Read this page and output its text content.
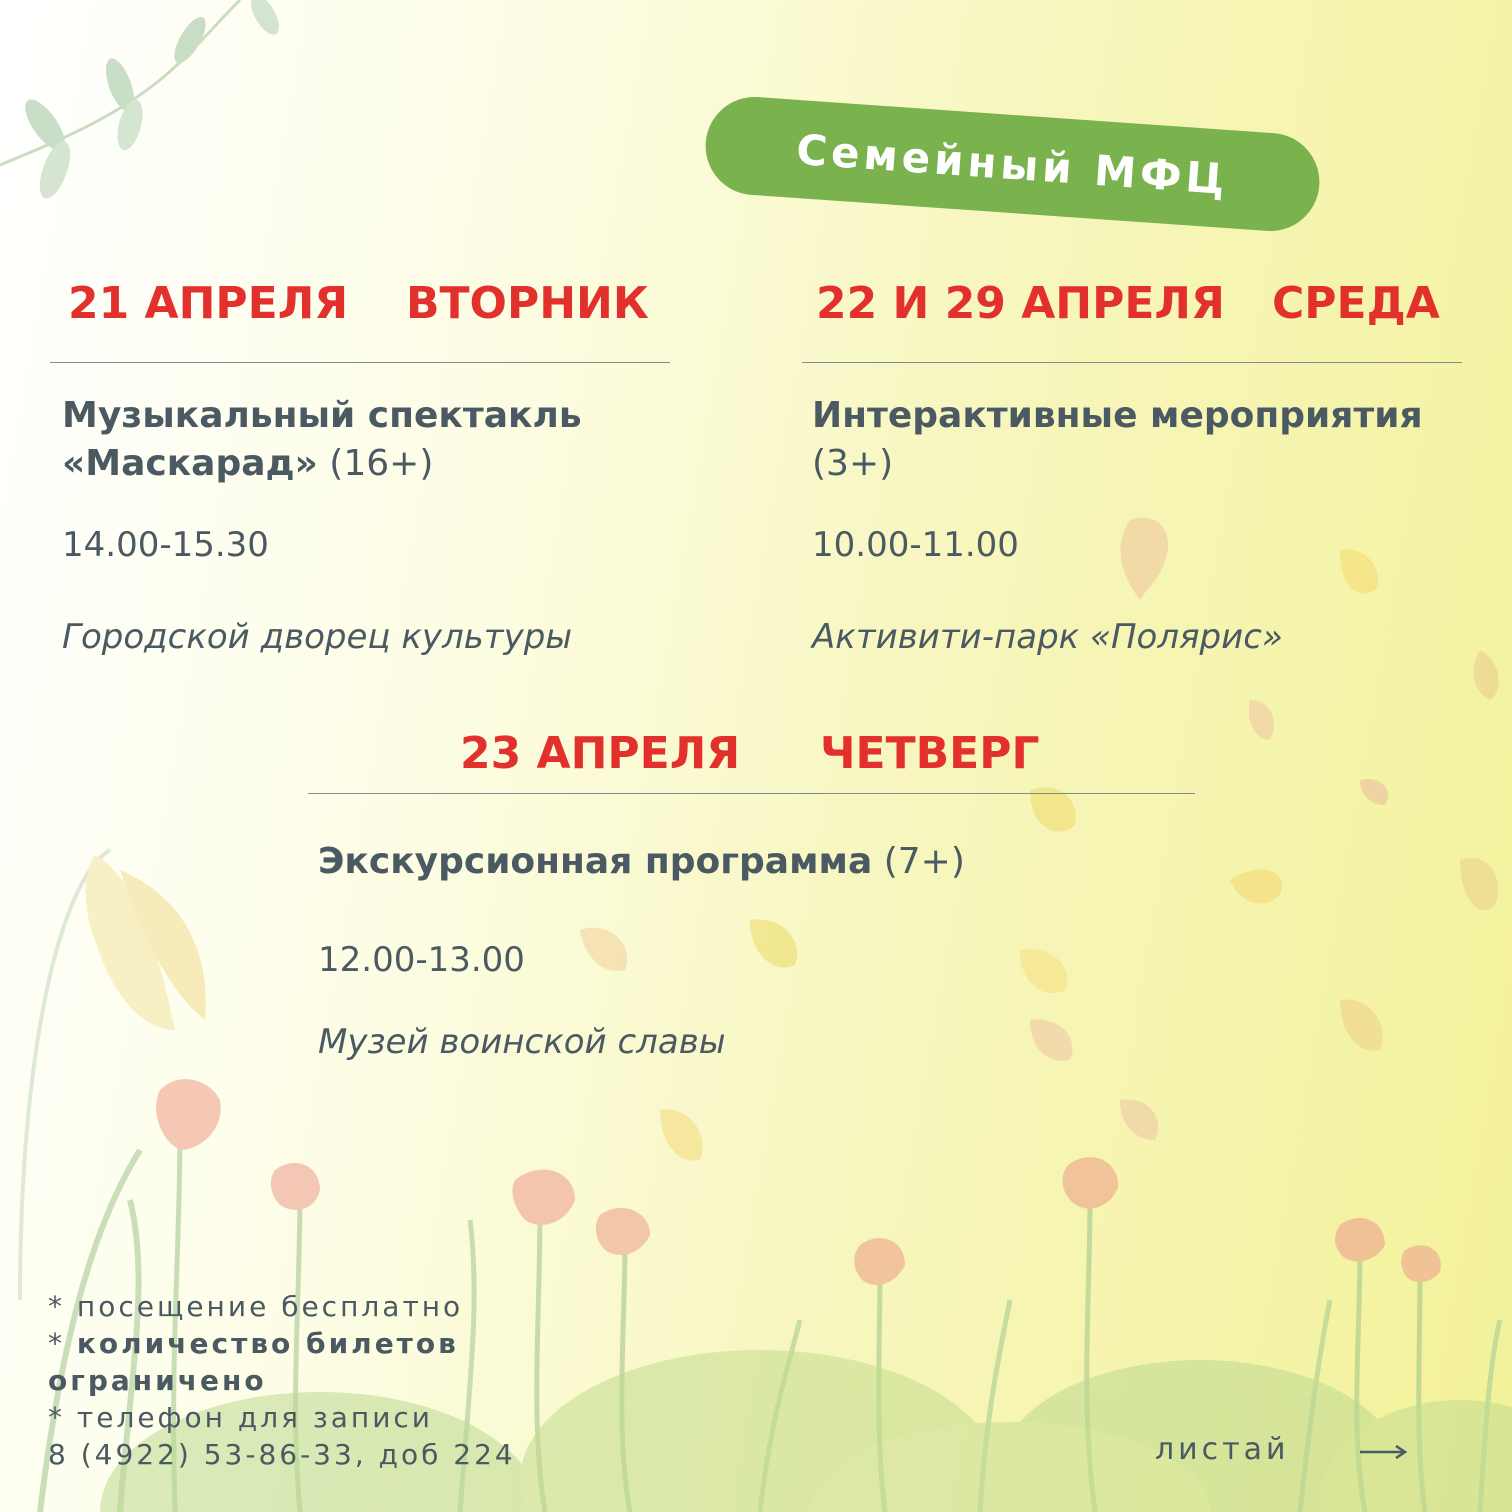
Семейный МФЦ
21 АПРЕЛЯ ВТОРНИК
Музыкальный спектакль
«Маскарад» (16+)
14.00-15.30
Городской дворец культуры
22 И 29 АПРЕЛЯ СРЕДА
Интерактивные мероприятия
(3+)
10.00-11.00
Активити-парк «Полярис»
23 АПРЕЛЯ ЧЕТВЕРГ
Экскурсионная программа (7+)
12.00-13.00
Музей воинской славы
* посещение бесплатно
* количество билетов ограничено
* телефон для записи
8 (4922) 53-86-33, доб 224	листай
